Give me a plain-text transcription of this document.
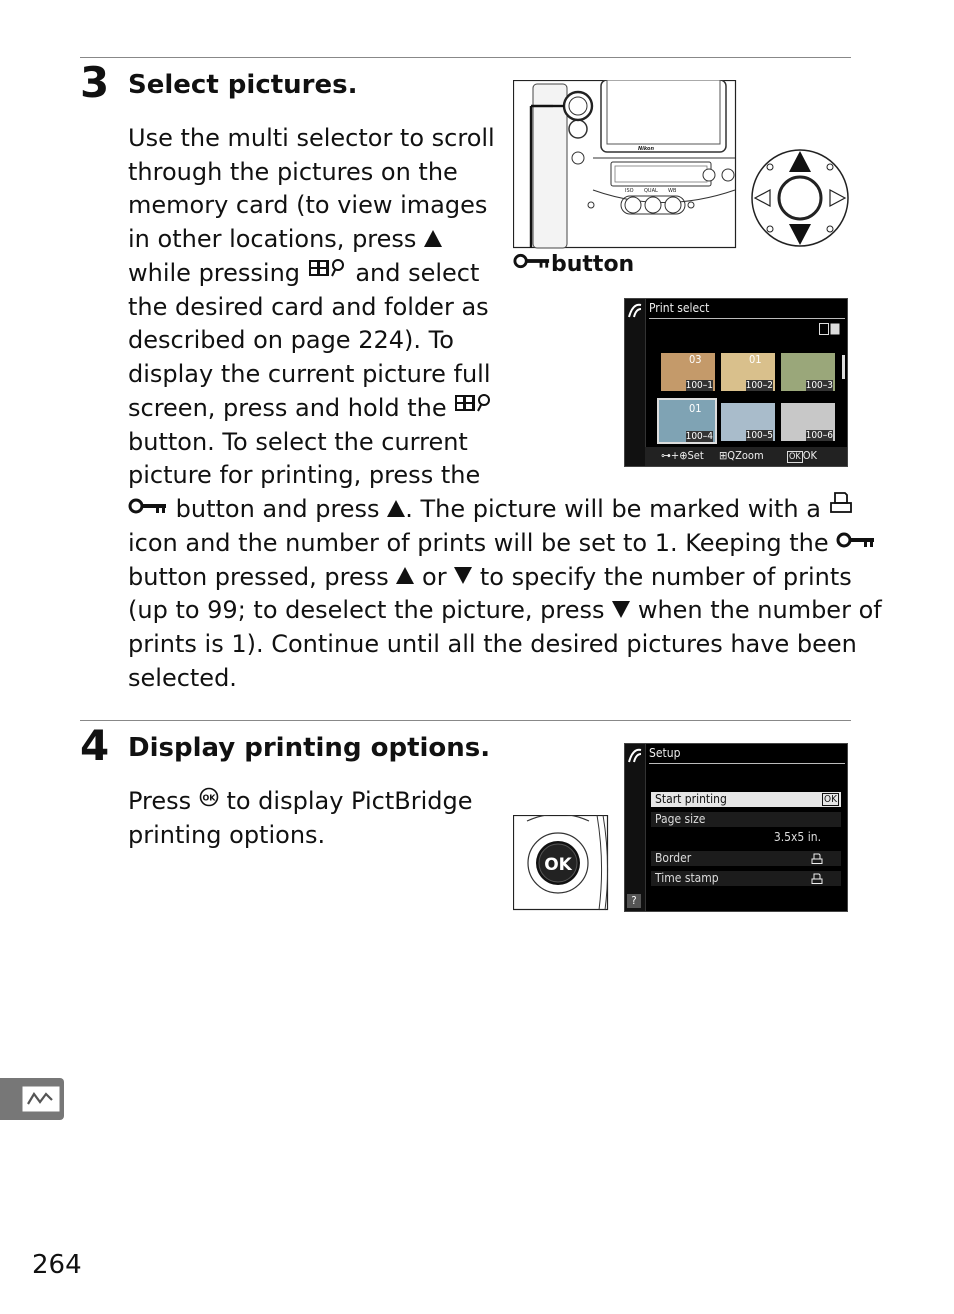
3 Select pictures.

Use the multi selector to scroll

through the pictures on the

memory card (to view images

in other locations, press

while pressing and select

the desired card and folder as

described on page 224). To

display the current picture full

screen, press and hold the

button. To select the current

picture for printing, press the

button and press . The picture will be marked with a

icon and the number of prints will be set to 1. Keeping the

button pressed, press or to specify the number of prints

(up to 99; to deselect the picture, press when the number of

prints is 1). Continue until all the desired pictures have been

selected.

Nikon
ISO QUAL WB
button
Print select
03
100–1
01
100–2	100–3
01
100–4	100–5	100–6
⊶+⊕Set ⊞QZoom	OK OK
4 Display printing options.

Press OK to display PictBridge

printing options.

OK
?
Setup
Start printing	OK
Page size
3.5x5 in.
Border
Time stamp
264
